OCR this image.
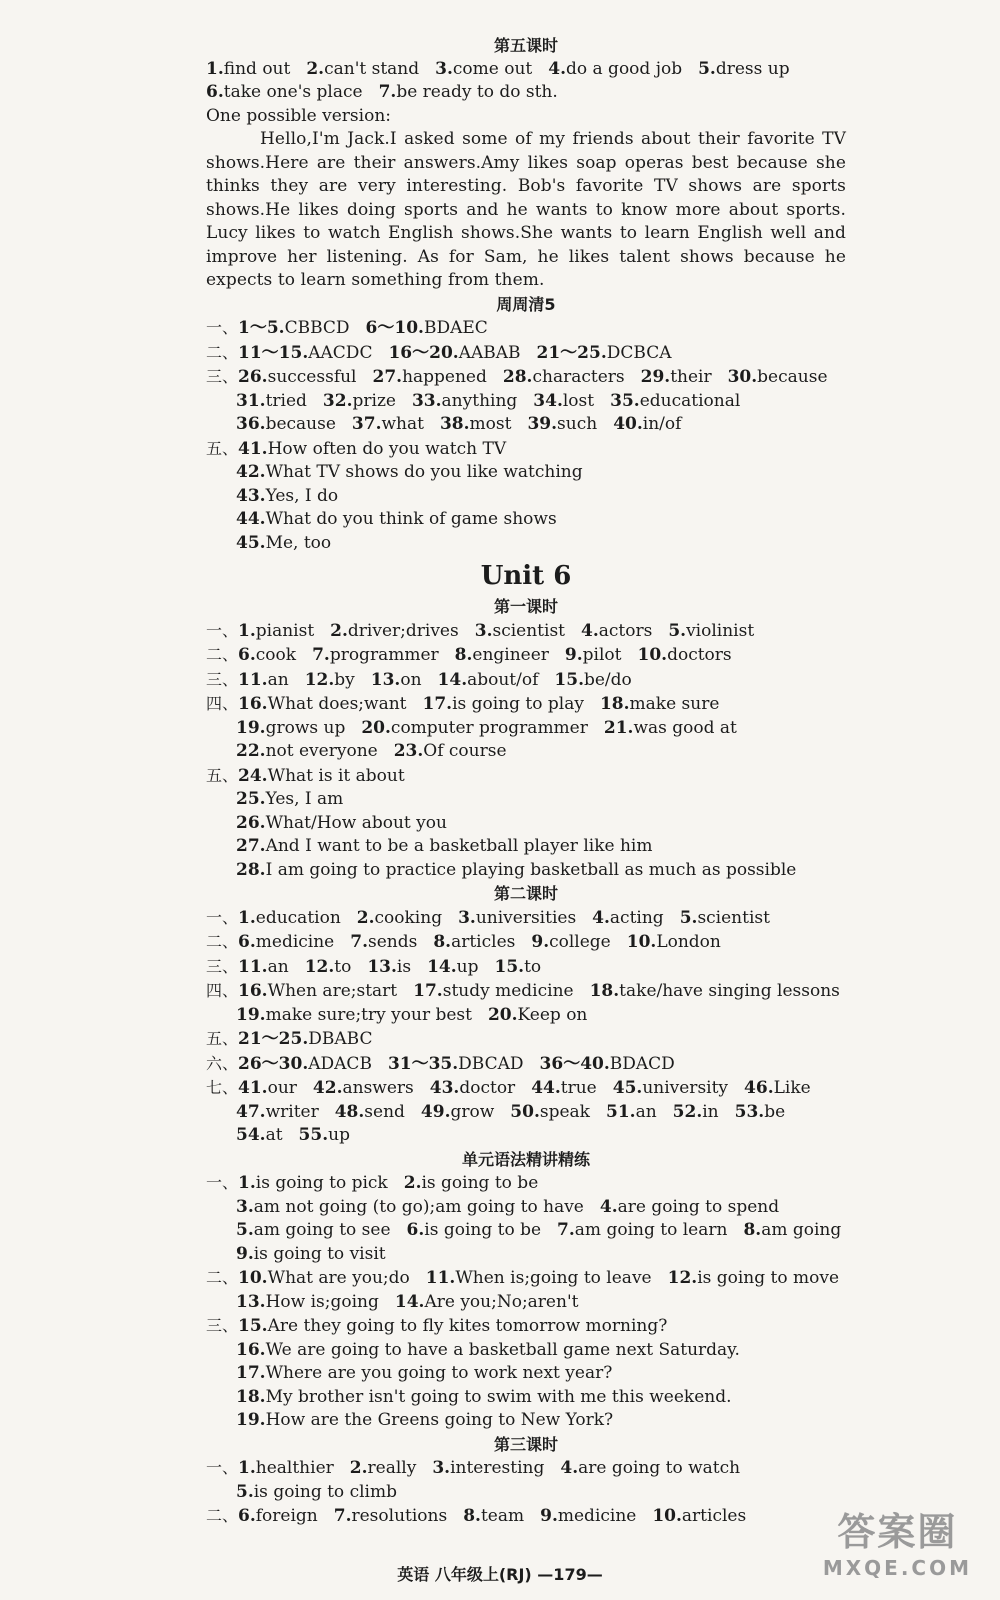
第五课时
1.find out 2.can't stand 3.come out 4.do a good job 5.dress up
6.take one's place 7.be ready to do sth.
One possible version:
Hello,I'm Jack.I asked some of my friends about their favorite TV shows.Here are their answers.Amy likes soap operas best because she thinks they are very interesting. Bob's favorite TV shows are sports shows.He likes doing sports and he wants to know more about sports. Lucy likes to watch English shows.She wants to learn English well and improve her listening. As for Sam, he likes talent shows because he expects to learn something from them.
周周清5
一、1～5.CBBCD 6～10.BDAEC
二、11～15.AACDC 16～20.AABAB 21～25.DCBCA
三、26.successful 27.happened 28.characters 29.their 30.because
31.tried 32.prize 33.anything 34.lost 35.educational
36.because 37.what 38.most 39.such 40.in/of
五、41.How often do you watch TV
42.What TV shows do you like watching
43.Yes, I do
44.What do you think of game shows
45.Me, too
Unit 6
第一课时
一、1.pianist 2.driver;drives 3.scientist 4.actors 5.violinist
二、6.cook 7.programmer 8.engineer 9.pilot 10.doctors
三、11.an 12.by 13.on 14.about/of 15.be/do
四、16.What does;want 17.is going to play 18.make sure
19.grows up 20.computer programmer 21.was good at
22.not everyone 23.Of course
五、24.What is it about
25.Yes, I am
26.What/How about you
27.And I want to be a basketball player like him
28.I am going to practice playing basketball as much as possible
第二课时
一、1.education 2.cooking 3.universities 4.acting 5.scientist
二、6.medicine 7.sends 8.articles 9.college 10.London
三、11.an 12.to 13.is 14.up 15.to
四、16.When are;start 17.study medicine 18.take/have singing lessons
19.make sure;try your best 20.Keep on
五、21～25.DBABC
六、26～30.ADACB 31～35.DBCAD 36～40.BDACD
七、41.our 42.answers 43.doctor 44.true 45.university 46.Like
47.writer 48.send 49.grow 50.speak 51.an 52.in 53.be
54.at 55.up
单元语法精讲精练
一、1.is going to pick 2.is going to be
3.am not going (to go);am going to have 4.are going to spend
5.am going to see 6.is going to be 7.am going to learn 8.am going
9.is going to visit
二、10.What are you;do 11.When is;going to leave 12.is going to move
13.How is;going 14.Are you;No;aren't
三、15.Are they going to fly kites tomorrow morning?
16.We are going to have a basketball game next Saturday.
17.Where are you going to work next year?
18.My brother isn't going to swim with me this weekend.
19.How are the Greens going to New York?
第三课时
一、1.healthier 2.really 3.interesting 4.are going to watch
5.is going to climb
二、6.foreign 7.resolutions 8.team 9.medicine 10.articles
英语 八年级上(RJ) —179—
答案圈
MXQE.COM
